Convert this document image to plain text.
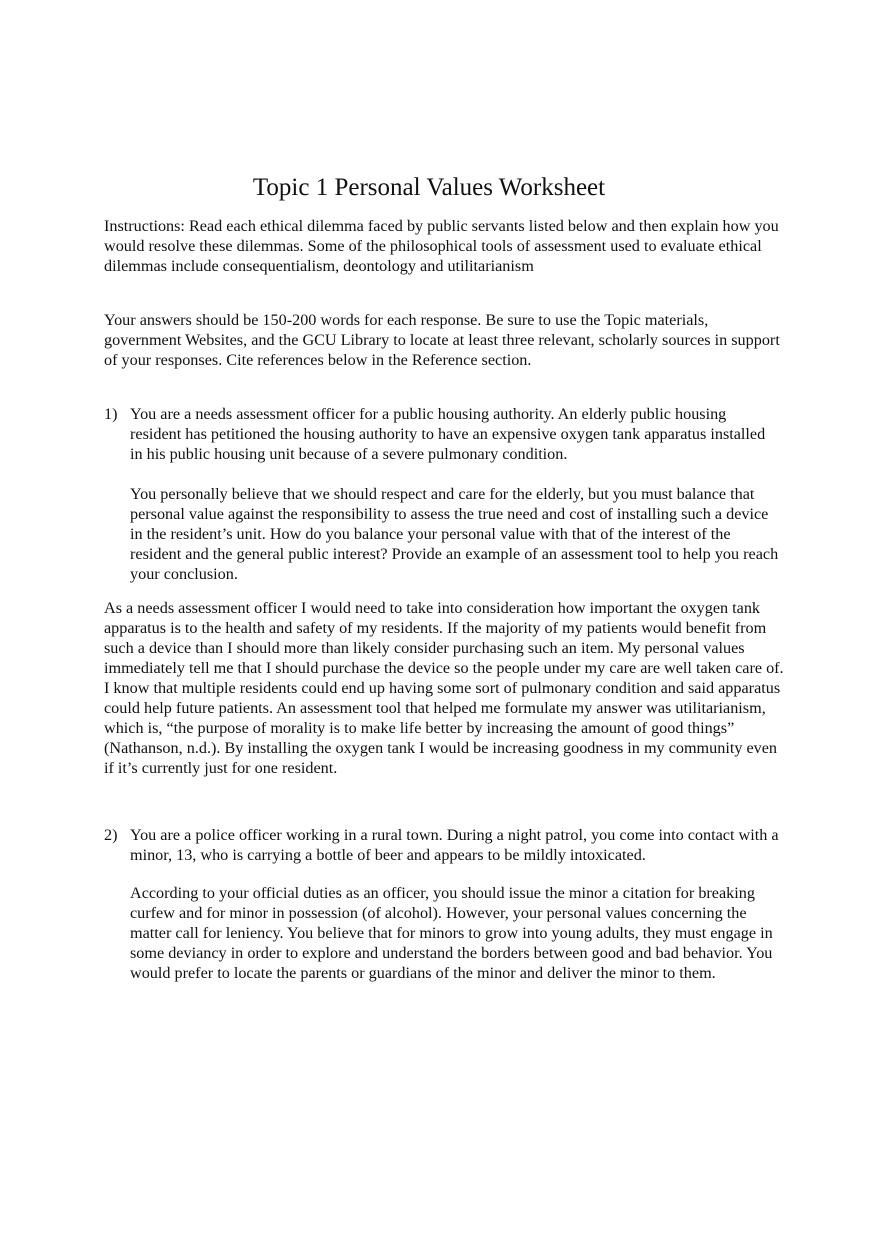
Topic 1 Personal Values Worksheet

Instructions: Read each ethical dilemma faced by public servants listed below and then explain how you would resolve these dilemmas. Some of the philosophical tools of assessment used to evaluate ethical dilemmas include consequentialism, deontology and utilitarianism

Your answers should be 150-200 words for each response. Be sure to use the Topic materials, government Websites, and the GCU Library to locate at least three relevant, scholarly sources in support of your responses. Cite references below in the Reference section.

1) You are a needs assessment officer for a public housing authority. An elderly public housing resident has petitioned the housing authority to have an expensive oxygen tank apparatus installed in his public housing unit because of a severe pulmonary condition.

You personally believe that we should respect and care for the elderly, but you must balance that personal value against the responsibility to assess the true need and cost of installing such a device in the resident’s unit. How do you balance your personal value with that of the interest of the resident and the general public interest? Provide an example of an assessment tool to help you reach your conclusion.

As a needs assessment officer I would need to take into consideration how important the oxygen tank apparatus is to the health and safety of my residents. If the majority of my patients would benefit from such a device than I should more than likely consider purchasing such an item. My personal values immediately tell me that I should purchase the device so the people under my care are well taken care of. I know that multiple residents could end up having some sort of pulmonary condition and said apparatus could help future patients. An assessment tool that helped me formulate my answer was utilitarianism, which is, “the purpose of morality is to make life better by increasing the amount of good things” (Nathanson, n.d.). By installing the oxygen tank I would be increasing goodness in my community even if it’s currently just for one resident.

2) You are a police officer working in a rural town. During a night patrol, you come into contact with a minor, 13, who is carrying a bottle of beer and appears to be mildly intoxicated.

According to your official duties as an officer, you should issue the minor a citation for breaking curfew and for minor in possession (of alcohol). However, your personal values concerning the matter call for leniency. You believe that for minors to grow into young adults, they must engage in some deviancy in order to explore and understand the borders between good and bad behavior. You would prefer to locate the parents or guardians of the minor and deliver the minor to them.
